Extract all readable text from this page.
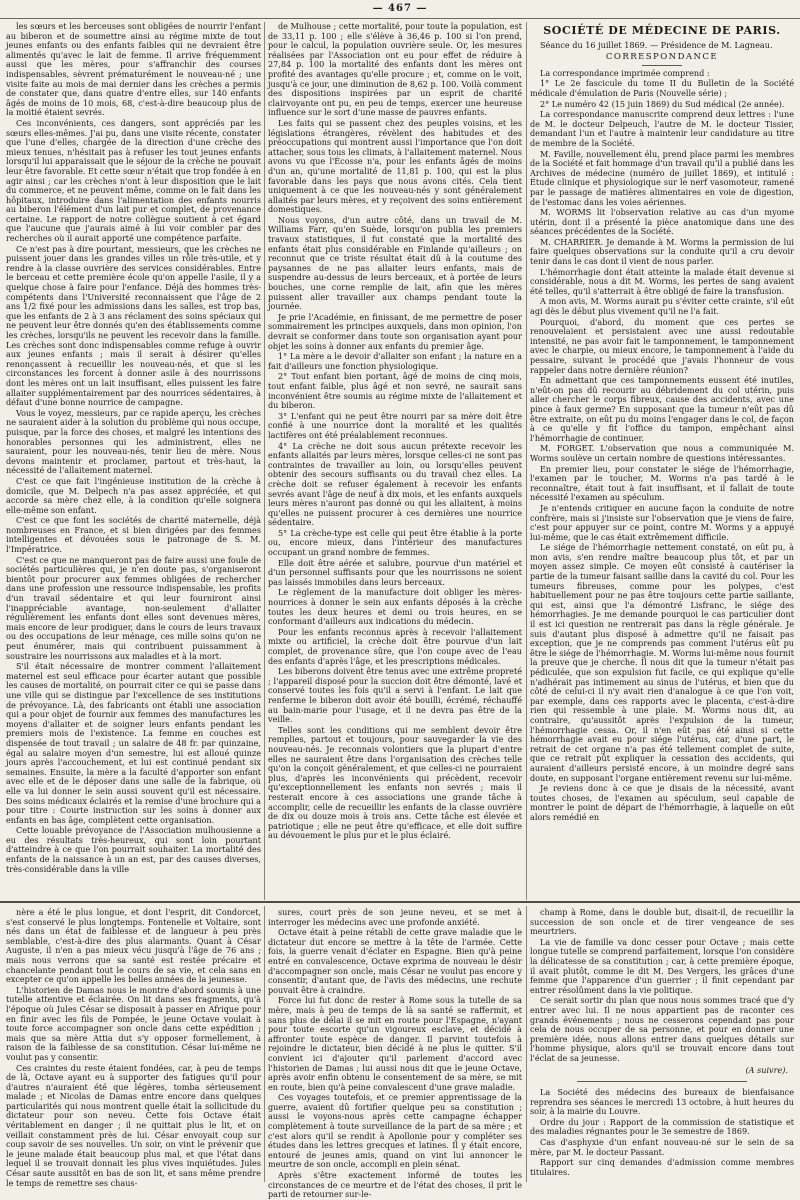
— 467 —

les sœurs et les berceuses sont obligées de nourrir l'enfant au biberon et de soumettre ainsi au régime mixte de tout jeunes enfants ou des enfants faibles qui ne devraient être alimentés qu'avec le lait de femme. Il arrive fréquemment aussi que les mères, pour s'affranchir des courses indispensables, sèvrent prématurément le nouveau-né ; une visite faite au mois de mai dernier dans les crèches a permis de constater que, dans quatre d'entre elles, sur 140 enfants âgés de moins de 10 mois, 68, c'est-à-dire beaucoup plus de la moitié étaient sevrés.

Ces inconvénients, ces dangers, sont appréciés par les sœurs elles-mêmes. J'ai pu, dans une visite récente, constater que l'une d'elles, chargée de la direction d'une crèche des mieux tenues, n'hésitait pas à refuser les tout jeunes enfants lorsqu'il lui apparaissait que le séjour de la crèche ne pouvait leur être favorable. Et cette sœur n'était que trop fondée à en agir ainsi ; car les crèches n'ont à leur disposition que le lait du commerce, et ne peuvent même, comme on le fait dans les hôpitaux, introduire dans l'alimentation des enfants nourris au biberon l'élément d'un lait pur et complet, de provenance certaine. Le rapport de notre collègue soutient à cet égard que l'aucune que j'aurais aimé à lui voir combler par des recherches où il aurait apporté une compétence parfaite.

Ce n'est pas à dire pourtant, messieurs, que les crèches ne puissent jouer dans les grandes villes un rôle très-utile, et y rendre à la classe ouvrière des services considérables. Entre le berceau et cette première école qu'on appelle l'asile, il y a quelque chose à faire pour l'enfance. Déjà des hommes très-compétents dans l'Université reconnaissent que l'âge de 2 ans 1/2 fixé pour les admissions dans les salles, est trop bas, que les enfants de 2 à 3 ans réclament des soins spéciaux qui ne peuvent leur être donnés qu'en des établissements comme les crèches, lorsqu'ils ne peuvent les recevoir dans la famille. Les crèches sont donc indispensables comme refuge à ouvrir aux jeunes enfants ; mais il serait à désirer qu'elles renonçassent à recueillir les nouveau-nés, et que si les circonstances les forcent à donner asile à des nourrissons dont les mères ont un lait insuffisant, elles puissent les faire allaiter supplémentairement par des nourrices sédentaires, à défaut d'une bonne nourrice de campagne.

Vous le voyez, messieurs, par ce rapide aperçu, les crèches ne sauraient aider à la solution du problème qui nous occupe, puisque, par la force des choses, et malgré les intentions des honorables personnes qui les administrent, elles ne sauraient, pour les nouveau-nés, tenir lieu de mère. Nous devons maintenir et proclamer, partout et très-haut, la nécessité de l'allaitement maternel.

C'est ce que fait l'ingénieuse institution de la crèche à domicile, que M. Delpech n'a pas assez appréciée, et qui accorde sa mère chez elle, à la condition qu'elle soignera elle-même son enfant.

C'est ce que font les sociétés de charité maternelle, déjà nombreuses en France, et si bien dirigées par des femmes intelligentes et dévouées sous le patronage de S. M. l'Impératrice.

C'est ce que ne manqueront pas de faire aussi une foule de sociétés particulières qui, je n'en doute pas, s'organiseront bientôt pour procurer aux femmes obligées de rechercher dans une profession une ressource indispensable, les profits d'un travail sédentaire et qui leur fourniront ainsi l'inappréciable avantage, non-seulement d'allaiter régulièrement les enfants dont elles sont devenues mères, mais encore de leur prodiguer, dans le cours de leurs travaux ou des occupations de leur ménage, ces mille soins qu'on ne peut énumérer, mais qui contribuent puissamment à soustraire les nourrissons aux maladies et à la mort.

S'il était nécessaire de montrer comment l'allaitement maternel est seul efficace pour écarter autant que possible les causes de mortalité, on pourrait citer ce qui se passe dans une ville qui se distingue par l'excellence de ses institutions de prévoyance. Là, des fabricants ont établi une association qui a pour objet de fournir aux femmes des manufactures les moyens d'allaiter et de soigner leurs enfants pendant les premiers mois de l'existence. La femme en couches est dispensée de tout travail ; un salaire de 48 fr. par quinzaine, égal au salaire moyen d'un semestre, lui est alloué quinze jours après l'accouchement, et lui est continué pendant six semaines. Ensuite, la mère a la faculté d'apporter son enfant avec elle et de le déposer dans une salle de la fabrique, où elle va lui donner le sein aussi souvent qu'il est nécessaire. Des soins médicaux éclairés et la remise d'une brochure qui a pour titre : Courte instruction sur les soins à donner aux enfants en bas âge, complètent cette organisation.

Cette louable prévoyance de l'Association mulhousienne a eu des résultats très-heureux, qui sont loin pourtant d'atteindre à ce que l'on pourrait souhaiter. La mortalité des enfants de la naissance à un an est, par des causes diverses, très-considérable dans la ville

de Mulhouse ; cette mortalité, pour toute la population, est de 33,11 p. 100 ; elle s'élève à 36,46 p. 100 si l'on prend, pour le calcul, la population ouvrière seule. Or, les mesures réalisées par l'Association ont eu pour effet de réduire à 27,84 p. 100 la mortalité des enfants dont les mères ont profité des avantages qu'elle procure ; et, comme on le voit, jusqu'à ce jour, une diminution de 8,62 p. 100. Voilà comment des dispositions inspirées par un esprit de charité clairvoyante ont pu, en peu de temps, exercer une heureuse influence sur le sort d'une masse de pauvres enfants.

Les faits qui se passent chez des peuples voisins, et les législations étrangères, révèlent des habitudes et des préoccupations qui montrent aussi l'importance que l'on doit attacher, sous tous les climats, à l'allaitement maternel. Nous avons vu que l'Écosse n'a, pour les enfants âgés de moins d'un an, qu'une mortalité de 11,81 p. 100, qui est la plus favorable dans les pays que nous avons cités. Cela tient uniquement à ce que les nouveau-nés y sont généralement allaités par leurs mères, et y reçoivent des soins entièrement domestiques.

Nous voyons, d'un autre côté, dans un travail de M. Williams Farr, qu'en Suède, lorsqu'on publia les premiers travaux statistiques, il fut constaté que la mortalité des enfants était plus considérable en Finlande qu'ailleurs ; on reconnut que ce triste résultat était dû à la coutume des paysannes de ne pas allaiter leurs enfants, mais de suspendre au-dessus de leurs berceaux, et à portée de leurs bouches, une corne remplie de lait, afin que les mères puissent aller travailler aux champs pendant toute la journée.

Je prie l'Académie, en finissant, de me permettre de poser sommairement les principes auxquels, dans mon opinion, l'on devrait se conformer dans toute son organisation ayant pour objet les soins à donner aux enfants du premier âge.

1° La mère a le devoir d'allaiter son enfant ; la nature en a fait d'ailleurs une fonction physiologique.

2° Tout enfant bien portant, âgé de moins de cinq mois, tout enfant faible, plus âgé et non sevré, ne saurait sans inconvénient être soumis au régime mixte de l'allaitement et du biberon.

3° L'enfant qui ne peut être nourri par sa mère doit être confié à une nourrice dont la moralité et les qualités lactifères ont été préalablement reconnues.

4° La crèche ne doit sous aucun prétexte recevoir les enfants allaités par leurs mères, lorsque celles-ci ne sont pas contraintes de travailler au loin, ou lorsqu'elles peuvent obtenir des secours suffisants ou du travail chez elles. La crèche doit se refuser également à recevoir les enfants sevrés avant l'âge de neuf à dix mois, et les enfants auxquels leurs mères n'auront pas donné ou qui les allaitent, à moins qu'elles ne puissent procurer à ces dernières une nourrice sédentaire.

5° La crèche-type est celle qui peut être établie à la porte ou, encore mieux, dans l'intérieur des manufactures occupant un grand nombre de femmes.

Elle doit être aérée et salubre, pourvue d'un matériel et d'un personnel suffisants pour que les nourrissons ne soient pas laissés immobiles dans leurs berceaux.

Le règlement de la manufacture doit obliger les mères-nourrices à donner le sein aux enfants déposés à la crèche toutes les deux heures et demi ou trois heures, en se conformant d'ailleurs aux indications du médecin.

Pour les enfants reconnus après à recevoir l'allaitement mixte ou artificiel, la crèche doit être pourvue d'un lait complet, de provenance sûre, que l'on coupe avec de l'eau des enfants d'après l'âge, et les prescriptions médicales.

Les biberons doivent être tenus avec une extrême propreté ; l'appareil disposé pour la succion doit être démonté, lavé et conservé toutes les fois qu'il a servi à l'enfant. Le lait que renferme le biberon doit avoir été bouilli, écrémé, réchauffé au bain-marie pour l'usage, et il ne devra pas être de la veille.

Telles sont les conditions qui me semblent devoir être remplies, partout et toujours, pour sauvegarder la vie des nouveau-nés. Je reconnais volontiers que la plupart d'entre elles ne sauraient être dans l'organisation des crèches telle qu'on la conçoit généralement, et que celles-ci ne pourraient plus, d'après les inconvénients qui précèdent, recevoir qu'exceptionnellement les enfants non sevrés ; mais il resterait encore à ces associations une grande tâche à accomplir, celle de recueillir les enfants de la classe ouvrière de dix ou douze mois à trois ans. Cette tâche est élevée et patriotique ; elle ne peut être qu'efficace, et elle doit suffire au dévouement le plus pur et le plus éclairé.

SOCIÉTÉ DE MÉDECINE DE PARIS.

Séance du 16 juillet 1869. — Présidence de M. Lagneau.

CORRESPONDANCE

La correspondance imprimée comprend :

1° Le 2e fascicule du tome II du Bulletin de la Société médicale d'émulation de Paris (Nouvelle série) ;

2° Le numéro 42 (15 juin 1869) du Sud médical (2e année).

La correspondance manuscrite comprend deux lettres : l'une de M. le docteur Delpeuch, l'autre de M. le docteur Tissier, demandant l'un et l'autre à maintenir leur candidature au titre de membre de la Société.

M. Faville, nouvellement élu, prend place parmi les membres de la Société et fait hommage d'un travail qu'il a publié dans les Archives de médecine (numéro de juillet 1869), et intitulé : Étude clinique et physiologique sur le nerf vasomoteur, ramené par le passage de matières alimentaires en voie de digestion, de l'estomac dans les voies aériennes.

M. WORMS lit l'observation relative au cas d'un myome utérin, dont il a présenté la pièce anatomique dans une des séances précédentes de la Société.

M. CHARRIER. Je demande à M. Worms la permission de lui faire quelques observations sur la conduite qu'il a cru devoir tenir dans le cas dont il vient de nous parler.

L'hémorrhagie dont était atteinte la malade était devenue si considérable, nous a dit M. Worms, les pertes de sang avaient été telles, qu'il s'atterrait à être obligé de faire la transfusion.

A mon avis, M. Worms aurait pu s'éviter cette crainte, s'il eût agi dès le début plus vivement qu'il ne l'a fait.

Pourquoi, d'abord, du moment que ces pertes se renouvelaient et persistaient avec une aussi redoutable intensité, ne pas avoir fait le tamponnement, le tamponnement avec le charpie, ou mieux encore, le tamponnement à l'aide du pessaire, suivant le procédé que j'avais l'honneur de vous rappeler dans notre dernière réunion?

En admettant que ces tamponnements eussent été inutiles, n'eût-on pas dû recourir au débridement du col utérin, puis aller chercher le corps fibreux, cause des accidents, avec une pince à faux germe? En supposant que la tumeur n'eût pas dû être extraite, on eût pu du moins l'engager dans le col, de façon à ce qu'elle y fit l'office du tampon, empêchant ainsi l'hémorrhagie de continuer.

M. FORGET. L'observation que nous a communiquée M. Worms soulève un certain nombre de questions intéressantes.

En premier lieu, pour constater le siége de l'hémorrhagie, l'examen par le toucher, M. Worms n'a pas tardé à le reconnaître, était tout à fait insuffisant, et il fallait de toute nécessité l'examen au spéculum.

Je n'entends critiquer en aucune façon la conduite de notre confrère, mais si j'insiste sur l'observation que je viens de faire, c'est pour appuyer sur ce point, contre M. Worms y a appuyé lui-même, que le cas était extrêmement difficile.

Le siége de l'hémorrhagie nettement constaté, on eût pu, à mon avis, s'en rendre maître beaucoup plus tôt, et par un moyen assez simple. Ce moyen eût consisté à cautériser la partie de la tumeur faisant saillie dans la cavité du col. Pour les tumeurs fibreuses, comme pour les polypes, c'est habituellement pour ne pas être toujours cette partie saillante, qui est, ainsi que l'a démontré Lisfranc, le siége des hémorrhagies. Je me demande pourquoi le cas particulier dont il est ici question ne rentrerait pas dans la règle générale. Je suis d'autant plus disposé à admettre qu'il ne faisait pas exception, que je ne comprends pas comment l'utérus eût pu être le siége de l'hémorrhagie. M. Worms lui-même nous fournit la preuve que je cherche. Il nous dit que la tumeur n'était pas pédiculée, que son expulsion fut facile, ce qui explique qu'elle n'adhérait pas intimement au sinus de l'utérus, et bien que du côté de celui-ci il n'y avait rien d'analogue à ce que l'on voit, par exemple, dans ces rapports avec le placenta, c'est-à-dire rien qui ressemble à une plaie. M. Worms nous dit, au contraire, qu'aussitôt après l'expulsion de la tumeur, l'hémorrhagie cessa. Or, il n'en eût pas été ainsi si cette hémorrhagie avait eu pour siége l'utérus, car, d'une part, le retrait de cet organe n'a pas été tellement complet de suite, que ce retrait pût expliquer la cessation des accidents, qui auraient d'ailleurs persisté encore, à un moindre degré sans doute, en supposant l'organe entièrement revenu sur lui-même.

Je reviens donc à ce que je disais de la nécessité, avant toutes choses, de l'examen au spéculum, seul capable de montrer le point de départ de l'hémorrhagie, à laquelle on eût alors remédié en

nère a été le plus longue, et dont l'esprit, dit Condorcet, s'est conservé le plus longtemps. Fontenelle et Voltaire, sont nés dans un état de faiblesse et de langueur à peu près semblable, c'est-à-dire des plus alarmants. Quant à César Auguste, il n'en a pas mieux vécu jusqu'à l'âge de 76 ans ; mais nous verrons que sa santé est restée précaire et chancelante pendant tout le cours de sa vie, et cela sans en excepter ce qu'on appelle les belles années de la jeunesse.

L'historien de Damas nous le montre d'abord soumis à une tutelle attentive et éclairée. On lit dans ses fragments, qu'à l'époque où Jules César se disposait à passer en Afrique pour en finir avec les fils de Pompée, le jeune Octave voulait à toute force accompagner son oncle dans cette expédition ; mais que sa mère Attia dut s'y opposer formellement, à raison de la faiblesse de sa constitution. César lui-même ne voulut pas y consentir.

Ces craintes du reste étaient fondées, car, à peu de temps de là, Octave ayant eu à supporter des fatigues qu'il pour d'autres n'auraient été que légères, tomba sérieusement malade ; et Nicolas de Damas entre encore dans quelques particularités qui nous montrent quelle était la sollicitude du dictateur pour son neveu. Cette fois Octave était véritablement en danger ; il ne quittait plus le lit, et on veillait constamment près de lui. César envoyait coup sur coup savoir de ses nouvelles. Un soir, on vint le prévenir que le jeune malade était beaucoup plus mal, et que l'état dans lequel il se trouvait donnait les plus vives inquiétudes. Jules César saute aussitôt en bas de son lit, et sans même prendre le temps de remettre ses chaus-

sures, court près de son jeune neveu, et se met à interroger les médecins avec une profonde anxiété.

Octave était à peine rétabli de cette grave maladie que le dictateur dut encore se mettre à la tête de l'armée. Cette fois, la guerre venait d'éclater en Espagne. Bien qu'à peine entré en convalescence, Octave exprima de nouveau le désir d'accompagner son oncle, mais César ne voulut pas encore y consentir, d'autant que, de l'avis des médecins, une rechute pouvait être à craindre.

Force lui fut donc de rester à Rome sous la tutelle de sa mère, mais à peu de temps de là sa santé se raffermit, et sans plus de délai il se mit en route pour l'Espagne, n'ayant pour toute escorte qu'un vigoureux esclave, et décidé à affronter toute espèce de danger. Il parvint toutefois à rejoindre le dictateur, bien décidé à ne plus le quitter. S'il convient ici d'ajouter qu'il parlement d'accord avec l'historien de Damas ; lui aussi nous dit que le jeune Octave, après avoir enfin obtenu le consentement de sa mère, se mit en route, bien qu'à peine convalescent d'une grave maladie.

Ces voyages toutefois, et ce premier apprentissage de la guerre, avaient dû fortifier quelque peu sa constitution ; aussi le voyons-nous après cette campagne échapper complètement à toute surveillance de la part de sa mère ; et c'est alors qu'il se rendit à Apollonie pour y compléter ses études dans les lettres grecques et latines. Il y était encore, entouré de jeunes amis, quand on vint lui annoncer le meurtre de son oncle, accompli en plein sénat.

Après s'être exactement informé de toutes les circonstances de ce meurtre et de l'état des choses, il prit le parti de retourner sur-le-

champ à Rome, dans le double but, disait-il, de recueillir la succession de son oncle et de tirer vengeance de ses meurtriers.

La vie de famille va donc cesser pour Octave ; mais cette longue tutelle se comprend parfaitement, lorsque l'on considère la délicatesse de sa constitution ; car, à cette première époque, il avait plutôt, comme le dit M. Des Vergers, les grâces d'une femme que l'apparence d'un guerrier ; il finit cependant par entrer résolûment dans la vie politique.

Ce serait sortir du plan que nous nous sommes tracé que d'y entrer avec lui. Il ne nous appartient pas de raconter ces grands événements ; nous ne cesserons cependant pas pour cela de nous occuper de sa personne, et pour en donner une première idée, nous allons entrer dans quelques détails sur l'homme physique, alors qu'il se trouvait encore dans tout l'éclat de sa jeunesse.

(A suivre).

La Société des médecins des bureaux de bienfaisance reprendra ses séances le mercredi 13 octobre, à huit heures du soir, à la mairie du Louvre.

Ordre du jour : Rapport de la commission de statistique et des maladies régnantes pour le 3e semestre de 1869.

Cas d'asphyxie d'un enfant nouveau-né sur le sein de sa mère, par M. le docteur Passant.

Rapport sur cinq demandes d'admission comme membres titulaires.
